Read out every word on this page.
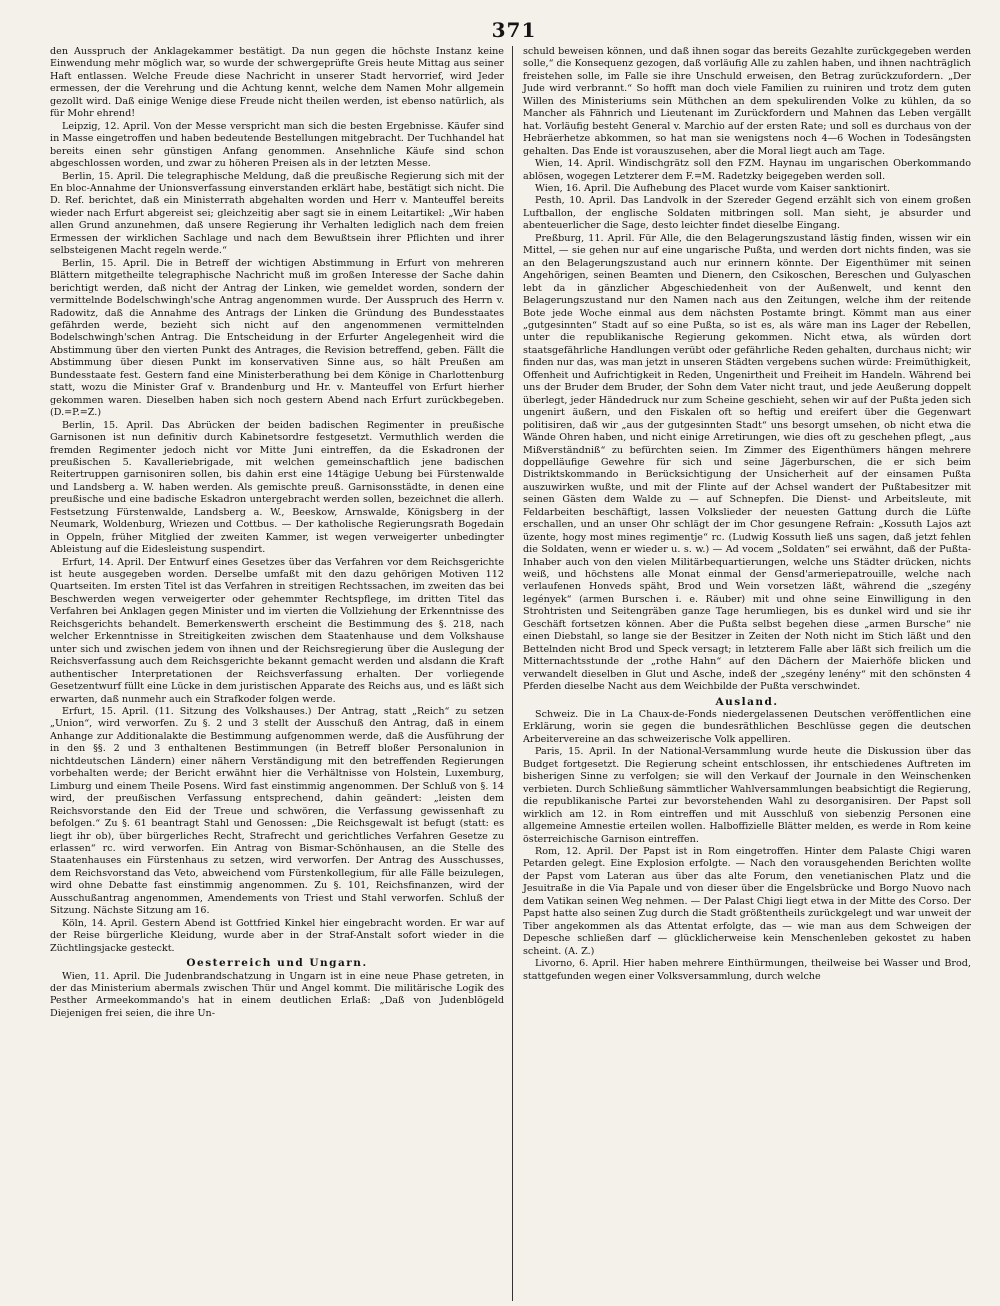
371

den Ausspruch der Anklagekammer bestätigt. Da nun gegen die höchste Instanz keine Einwendung mehr möglich war, so wurde der schwergeprüfte Greis heute Mittag aus seiner Haft entlassen. Welche Freude diese Nachricht in unserer Stadt hervorrief, wird Jeder ermessen, der die Verehrung und die Achtung kennt, welche dem Namen Mohr allgemein gezollt wird. Daß einige Wenige diese Freude nicht theilen werden, ist ebenso natürlich, als für Mohr ehrend!

Leipzig, 12. April. Von der Messe verspricht man sich die besten Ergebnisse. Käufer sind in Masse eingetroffen und haben bedeutende Bestellungen mitgebracht. Der Tuchhandel hat bereits einen sehr günstigen Anfang genommen. Ansehnliche Käufe sind schon abgeschlossen worden, und zwar zu höheren Preisen als in der letzten Messe.

Berlin, 15. April. Die telegraphische Meldung, daß die preußische Regierung sich mit der En bloc-Annahme der Unionsverfassung einverstanden erklärt habe, bestätigt sich nicht. Die D. Ref. berichtet, daß ein Ministerrath abgehalten worden und Herr v. Manteuffel bereits wieder nach Erfurt abgereist sei; gleichzeitig aber sagt sie in einem Leitartikel: „Wir haben allen Grund anzunehmen, daß unsere Regierung ihr Verhalten lediglich nach dem freien Ermessen der wirklichen Sachlage und nach dem Bewußtsein ihrer Pflichten und ihrer selbsteigenen Macht regeln werde.“

Berlin, 15. April. Die in Betreff der wichtigen Abstimmung in Erfurt von mehreren Blättern mitgetheilte telegraphische Nachricht muß im großen Interesse der Sache dahin berichtigt werden, daß nicht der Antrag der Linken, wie gemeldet worden, sondern der vermittelnde Bodelschwingh'sche Antrag angenommen wurde. Der Ausspruch des Herrn v. Radowitz, daß die Annahme des Antrags der Linken die Gründung des Bundesstaates gefährden werde, bezieht sich nicht auf den angenommenen vermittelnden Bodelschwingh'schen Antrag. Die Entscheidung in der Erfurter Angelegenheit wird die Abstimmung über den vierten Punkt des Antrages, die Revision betreffend, geben. Fällt die Abstimmung über diesen Punkt im konservativen Sinne aus, so hält Preußen am Bundesstaate fest. Gestern fand eine Ministerberathung bei dem Könige in Charlottenburg statt, wozu die Minister Graf v. Brandenburg und Hr. v. Manteuffel von Erfurt hierher gekommen waren. Dieselben haben sich noch gestern Abend nach Erfurt zurückbegeben. (D.=P.=Z.)

Berlin, 15. April. Das Abrücken der beiden badischen Regimenter in preußische Garnisonen ist nun definitiv durch Kabinetsordre festgesetzt. Vermuthlich werden die fremden Regimenter jedoch nicht vor Mitte Juni eintreffen, da die Eskadronen der preußischen 5. Kavalleriebrigade, mit welchen gemeinschaftlich jene badischen Reitertruppen garnisoniren sollen, bis dahin erst eine 14tägige Uebung bei Fürstenwalde und Landsberg a. W. haben werden. Als gemischte preuß. Garnisonsstädte, in denen eine preußische und eine badische Eskadron untergebracht werden sollen, bezeichnet die allerh. Festsetzung Fürstenwalde, Landsberg a. W., Beeskow, Arnswalde, Königsberg in der Neumark, Woldenburg, Wriezen und Cottbus. — Der katholische Regierungsrath Bogedain in Oppeln, früher Mitglied der zweiten Kammer, ist wegen verweigerter unbedingter Ableistung auf die Eidesleistung suspendirt.

Erfurt, 14. April. Der Entwurf eines Gesetzes über das Verfahren vor dem Reichsgerichte ist heute ausgegeben worden. Derselbe umfaßt mit den dazu gehörigen Motiven 112 Quartseiten. Im ersten Titel ist das Verfahren in streitigen Rechtssachen, im zweiten das bei Beschwerden wegen verweigerter oder gehemmter Rechtspflege, im dritten Titel das Verfahren bei Anklagen gegen Minister und im vierten die Vollziehung der Erkenntnisse des Reichsgerichts behandelt. Bemerkenswerth erscheint die Bestimmung des §. 218, nach welcher Erkenntnisse in Streitigkeiten zwischen dem Staatenhause und dem Volkshause unter sich und zwischen jedem von ihnen und der Reichsregierung über die Auslegung der Reichsverfassung auch dem Reichsgerichte bekannt gemacht werden und alsdann die Kraft authentischer Interpretationen der Reichsverfassung erhalten. Der vorliegende Gesetzentwurf füllt eine Lücke in dem juristischen Apparate des Reichs aus, und es läßt sich erwarten, daß nunmehr auch ein Strafkoder folgen werde.

Erfurt, 15. April. (11. Sitzung des Volkshauses.) Der Antrag, statt „Reich“ zu setzen „Union“, wird verworfen. Zu §. 2 und 3 stellt der Ausschuß den Antrag, daß in einem Anhange zur Additionalakte die Bestimmung aufgenommen werde, daß die Ausführung der in den §§. 2 und 3 enthaltenen Bestimmungen (in Betreff bloßer Personalunion in nichtdeutschen Ländern) einer nähern Verständigung mit den betreffenden Regierungen vorbehalten werde; der Bericht erwähnt hier die Verhältnisse von Holstein, Luxemburg, Limburg und einem Theile Posens. Wird fast einstimmig angenommen. Der Schluß von §. 14 wird, der preußischen Verfassung entsprechend, dahin geändert: „leisten dem Reichsvorstande den Eid der Treue und schwören, die Verfassung gewissenhaft zu befolgen.“ Zu §. 61 beantragt Stahl und Genossen: „Die Reichsgewalt ist befugt (statt: es liegt ihr ob), über bürgerliches Recht, Strafrecht und gerichtliches Verfahren Gesetze zu erlassen“ rc. wird verworfen. Ein Antrag von Bismar-Schönhausen, an die Stelle des Staatenhauses ein Fürstenhaus zu setzen, wird verworfen. Der Antrag des Ausschusses, dem Reichsvorstand das Veto, abweichend vom Fürstenkollegium, für alle Fälle beizulegen, wird ohne Debatte fast einstimmig angenommen. Zu §. 101, Reichsfinanzen, wird der Ausschußantrag angenommen, Amendements von Triest und Stahl verworfen. Schluß der Sitzung. Nächste Sitzung am 16.

Köln, 14. April. Gestern Abend ist Gottfried Kinkel hier eingebracht worden. Er war auf der Reise bürgerliche Kleidung, wurde aber in der Straf-Anstalt sofort wieder in die Züchtlingsjacke gesteckt.

Oesterreich und Ungarn.

Wien, 11. April. Die Judenbrandschatzung in Ungarn ist in eine neue Phase getreten, in der das Ministerium abermals zwischen Thür und Angel kommt. Die militärische Logik des Pesther Armeekommando's hat in einem deutlichen Erlaß: „Daß von Judenblögeld Diejenigen frei seien, die ihre Un-

schuld beweisen können, und daß ihnen sogar das bereits Gezahlte zurückgegeben werden solle,“ die Konsequenz gezogen, daß vorläufig Alle zu zahlen haben, und ihnen nachträglich freistehen solle, im Falle sie ihre Unschuld erweisen, den Betrag zurückzufordern. „Der Jude wird verbrannt.“ So hofft man doch viele Familien zu ruiniren und trotz dem guten Willen des Ministeriums sein Müthchen an dem spekulirenden Volke zu kühlen, da so Mancher als Fähnrich und Lieutenant im Zurückfordern und Mahnen das Leben vergällt hat. Vorläufig besteht General v. Marchio auf der ersten Rate; und soll es durchaus von der Hebräerhetze abkommen, so hat man sie wenigstens noch 4—6 Wochen in Todesängsten gehalten. Das Ende ist vorauszusehen, aber die Moral liegt auch am Tage.

Wien, 14. April. Windischgrätz soll den FZM. Haynau im ungarischen Oberkommando ablösen, wogegen Letzterer dem F.=M. Radetzky beigegeben werden soll.

Wien, 16. April. Die Aufhebung des Placet wurde vom Kaiser sanktionirt.

Pesth, 10. April. Das Landvolk in der Szereder Gegend erzählt sich von einem großen Luftballon, der englische Soldaten mitbringen soll. Man sieht, je absurder und abenteuerlicher die Sage, desto leichter findet dieselbe Eingang.

Preßburg, 11. April. Für Alle, die den Belagerungszustand lästig finden, wissen wir ein Mittel, — sie gehen nur auf eine ungarische Pußta, und werden dort nichts finden, was sie an den Belagerungszustand auch nur erinnern könnte. Der Eigenthümer mit seinen Angehörigen, seinen Beamten und Dienern, den Csikoschen, Bereschen und Gulyaschen lebt da in gänzlicher Abgeschiedenheit von der Außenwelt, und kennt den Belagerungszustand nur den Namen nach aus den Zeitungen, welche ihm der reitende Bote jede Woche einmal aus dem nächsten Postamte bringt. Kömmt man aus einer „gutgesinnten“ Stadt auf so eine Pußta, so ist es, als wäre man ins Lager der Rebellen, unter die republikanische Regierung gekommen. Nicht etwa, als würden dort staatsgefährliche Handlungen verübt oder gefährliche Reden gehalten, durchaus nicht; wir finden nur das, was man jetzt in unseren Städten vergebens suchen würde: Freimüthigkeit, Offenheit und Aufrichtigkeit in Reden, Ungenirtheit und Freiheit im Handeln. Während bei uns der Bruder dem Bruder, der Sohn dem Vater nicht traut, und jede Aeußerung doppelt überlegt, jeder Händedruck nur zum Scheine geschieht, sehen wir auf der Pußta jeden sich ungenirt äußern, und den Fiskalen oft so heftig und ereifert über die Gegenwart politisiren, daß wir „aus der gutgesinnten Stadt“ uns besorgt umsehen, ob nicht etwa die Wände Ohren haben, und nicht einige Arretirungen, wie dies oft zu geschehen pflegt, „aus Mißverständniß“ zu befürchten seien. Im Zimmer des Eigenthümers hängen mehrere doppelläufige Gewehre für sich und seine Jägerburschen, die er sich beim Distriktskommando in Berücksichtigung der Unsicherheit auf der einsamen Pußta auszuwirken wußte, und mit der Flinte auf der Achsel wandert der Pußtabesitzer mit seinen Gästen dem Walde zu — auf Schnepfen. Die Dienst- und Arbeitsleute, mit Feldarbeiten beschäftigt, lassen Volkslieder der neuesten Gattung durch die Lüfte erschallen, und an unser Ohr schlägt der im Chor gesungene Refrain: „Kossuth Lajos azt üzente, hogy most mines regimentje“ rc. (Ludwig Kossuth ließ uns sagen, daß jetzt fehlen die Soldaten, wenn er wieder u. s. w.) — Ad vocem „Soldaten“ sei erwähnt, daß der Pußta-Inhaber auch von den vielen Militärbequartierungen, welche uns Städter drücken, nichts weiß, und höchstens alle Monat einmal der Gensd'armeriepatrouille, welche nach verlaufenen Honveds späht, Brod und Wein vorsetzen läßt, während die „szegény legények“ (armen Burschen i. e. Räuber) mit und ohne seine Einwilligung in den Strohtristen und Seitengräben ganze Tage herumliegen, bis es dunkel wird und sie ihr Geschäft fortsetzen können. Aber die Pußta selbst begehen diese „armen Bursche“ nie einen Diebstahl, so lange sie der Besitzer in Zeiten der Noth nicht im Stich läßt und den Bettelnden nicht Brod und Speck versagt; in letzterem Falle aber läßt sich freilich um die Mitternachtsstunde der „rothe Hahn“ auf den Dächern der Maierhöfe blicken und verwandelt dieselben in Glut und Asche, indeß der „szegény lenény“ mit den schönsten 4 Pferden dieselbe Nacht aus dem Weichbilde der Pußta verschwindet.

Ausland.

Schweiz. Die in La Chaux-de-Fonds niedergelassenen Deutschen veröffentlichen eine Erklärung, worin sie gegen die bundesräthlichen Beschlüsse gegen die deutschen Arbeitervereine an das schweizerische Volk appelliren.

Paris, 15. April. In der National-Versammlung wurde heute die Diskussion über das Budget fortgesetzt. Die Regierung scheint entschlossen, ihr entschiedenes Auftreten im bisherigen Sinne zu verfolgen; sie will den Verkauf der Journale in den Weinschenken verbieten. Durch Schließung sämmtlicher Wahlversammlungen beabsichtigt die Regierung, die republikanische Partei zur bevorstehenden Wahl zu desorganisiren. Der Papst soll wirklich am 12. in Rom eintreffen und mit Ausschluß von siebenzig Personen eine allgemeine Amnestie erteilen wollen. Halboffizielle Blätter melden, es werde in Rom keine österreichische Garnison eintreffen.

Rom, 12. April. Der Papst ist in Rom eingetroffen. Hinter dem Palaste Chigi waren Petarden gelegt. Eine Explosion erfolgte. — Nach den vorausgehenden Berichten wollte der Papst vom Lateran aus über das alte Forum, den venetianischen Platz und die Jesuitraße in die Via Papale und von dieser über die Engelsbrücke und Borgo Nuovo nach dem Vatikan seinen Weg nehmen. — Der Palast Chigi liegt etwa in der Mitte des Corso. Der Papst hatte also seinen Zug durch die Stadt größtentheils zurückgelegt und war unweit der Tiber angekommen als das Attentat erfolgte, das — wie man aus dem Schweigen der Depesche schließen darf — glücklicherweise kein Menschenleben gekostet zu haben scheint. (A. Z.)

Livorno, 6. April. Hier haben mehrere Einthürmungen, theilweise bei Wasser und Brod, stattgefunden wegen einer Volksversammlung, durch welche
